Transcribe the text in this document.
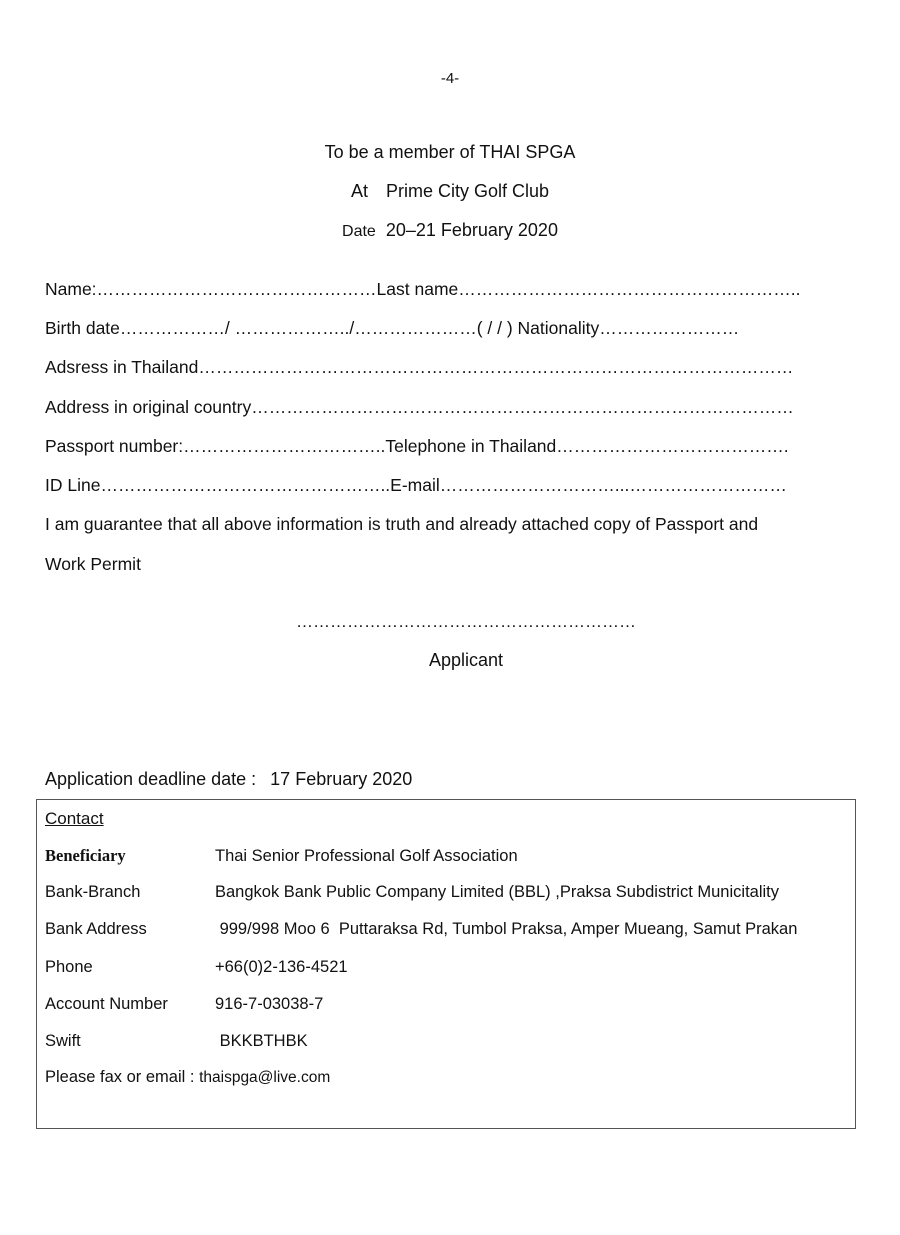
-4-
To be a member of THAI SPGA
At Prime City Golf Club
Date 20–21 February 2020
Name:…………………………………………Last name…………………………………………………..
Birth date………………/ ………………../…………………( / / ) Nationality……………………
Adsress in Thailand…………………………………………………………………………………………
Address in original country…………………………………………………………………………………
Passport number:……………………………..Telephone in Thailand………………………………….
ID Line…………………………………………..E-mail…………………………...………………………
I am guarantee that all above information is truth and already attached copy of Passport and
Work Permit
……………………………………………………
Applicant
Application deadline date : 17 February 2020
Contact
Beneficiary	Thai Senior Professional Golf Association
Bank-Branch	Bangkok Bank Public Company Limited (BBL) ,Praksa Subdistrict Municitality
Bank Address	999/998 Moo 6  Puttaraksa Rd, Tumbol Praksa, Amper Mueang, Samut Prakan
Phone	+66(0)2-136-4521
Account Number	916-7-03038-7
Swift	BKKBTHBK
Please fax or email : thaispga@live.com
